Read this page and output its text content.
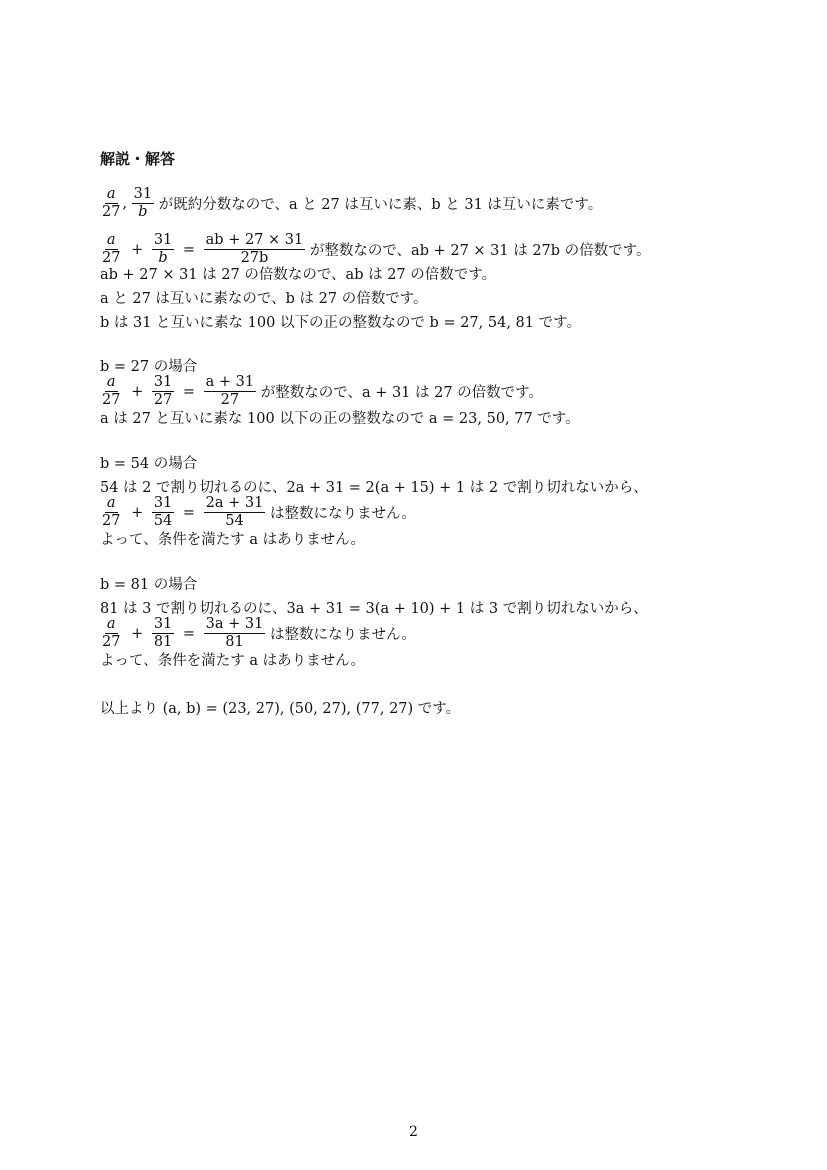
解説・解答
$\frac{a}{27}$ , $\frac{31}{b}$ が既約分数なので、a と 27 は互いに素、b と 31 は互いに素です。
$\frac{a}{27} + \frac{31}{b} = \frac{ab + 27 \times 31}{27b}$ が整数なので、ab + 27 × 31 は 27b の倍数です。
ab + 27 × 31 は 27 の倍数なので、ab は 27 の倍数です。
a と 27 は互いに素なので、b は 27 の倍数です。
b は 31 と互いに素な 100 以下の正の整数なので b = 27, 54, 81 です。
b = 27 の場合
$\frac{a}{27} + \frac{31}{27} = \frac{a + 31}{27}$ が整数なので、a + 31 は 27 の倍数です。
a は 27 と互いに素な 100 以下の正の整数なので a = 23, 50, 77 です。
b = 54 の場合
54 は 2 で割り切れるのに、2a + 31 = 2(a + 15) + 1 は 2 で割り切れないから、
$\frac{a}{27} + \frac{31}{54} = \frac{2a + 31}{54}$ は整数になりません。
よって、条件を満たす a はありません。
b = 81 の場合
81 は 3 で割り切れるのに、3a + 31 = 3(a + 10) + 1 は 3 で割り切れないから、
$\frac{a}{27} + \frac{31}{81} = \frac{3a + 31}{81}$ は整数になりません。
よって、条件を満たす a はありません。
以上より (a, b) = (23, 27), (50, 27), (77, 27) です。
2
